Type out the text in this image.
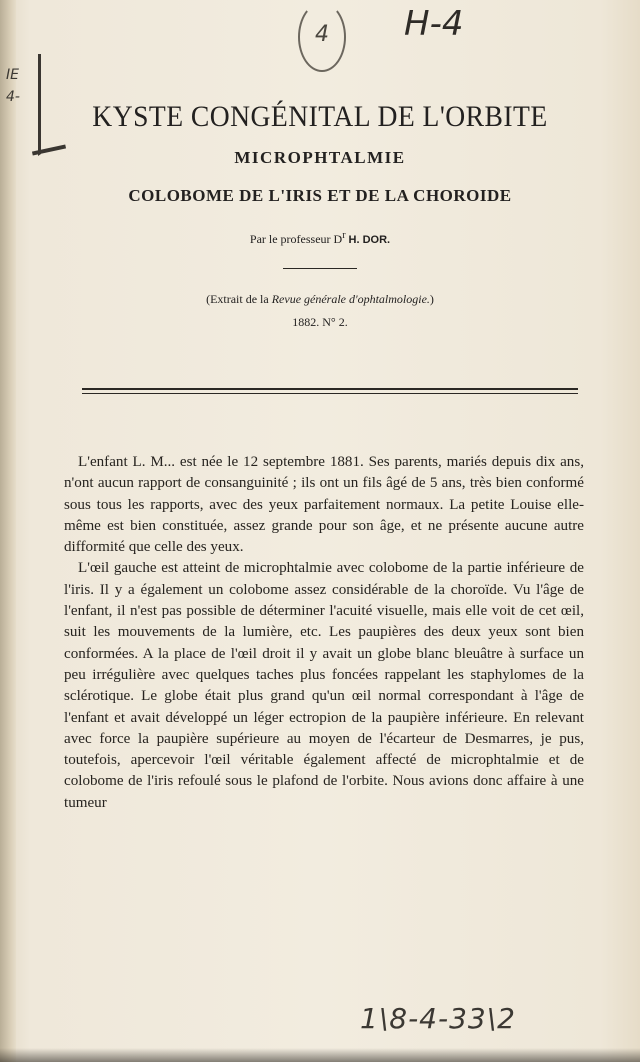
4	H-4
IE
4-
KYSTE CONGÉNITAL DE L'ORBITE
MICROPHTALMIE
COLOBOME DE L'IRIS ET DE LA CHOROIDE
Par le professeur $D^r$ H. DOR.
(Extrait de la Revue générale d'ophtalmologie.)
1882. N° 2.

L'enfant L. M... est née le 12 septembre 1881. Ses parents, mariés depuis dix ans, n'ont aucun rapport de consanguinité ; ils ont un fils âgé de 5 ans, très bien conformé sous tous les rapports, avec des yeux parfaitement normaux. La petite Louise elle-même est bien constituée, assez grande pour son âge, et ne présente aucune autre difformité que celle des yeux.

L'œil gauche est atteint de microphtalmie avec colobome de la partie inférieure de l'iris. Il y a également un colobome assez considérable de la choroïde. Vu l'âge de l'enfant, il n'est pas possible de déterminer l'acuité visuelle, mais elle voit de cet œil, suit les mouvements de la lumière, etc. Les paupières des deux yeux sont bien conformées. A la place de l'œil droit il y avait un globe blanc bleuâtre à surface un peu irrégulière avec quelques taches plus foncées rappelant les staphylomes de la sclérotique. Le globe était plus grand qu'un œil normal correspondant à l'âge de l'enfant et avait développé un léger ectropion de la paupière inférieure. En relevant avec force la paupière supérieure au moyen de l'écarteur de Desmarres, je pus, toutefois, apercevoir l'œil véritable également affecté de microphtalmie et de colobome de l'iris refoulé sous le plafond de l'orbite. Nous avions donc affaire à une tumeur

1\8-4-33\2
